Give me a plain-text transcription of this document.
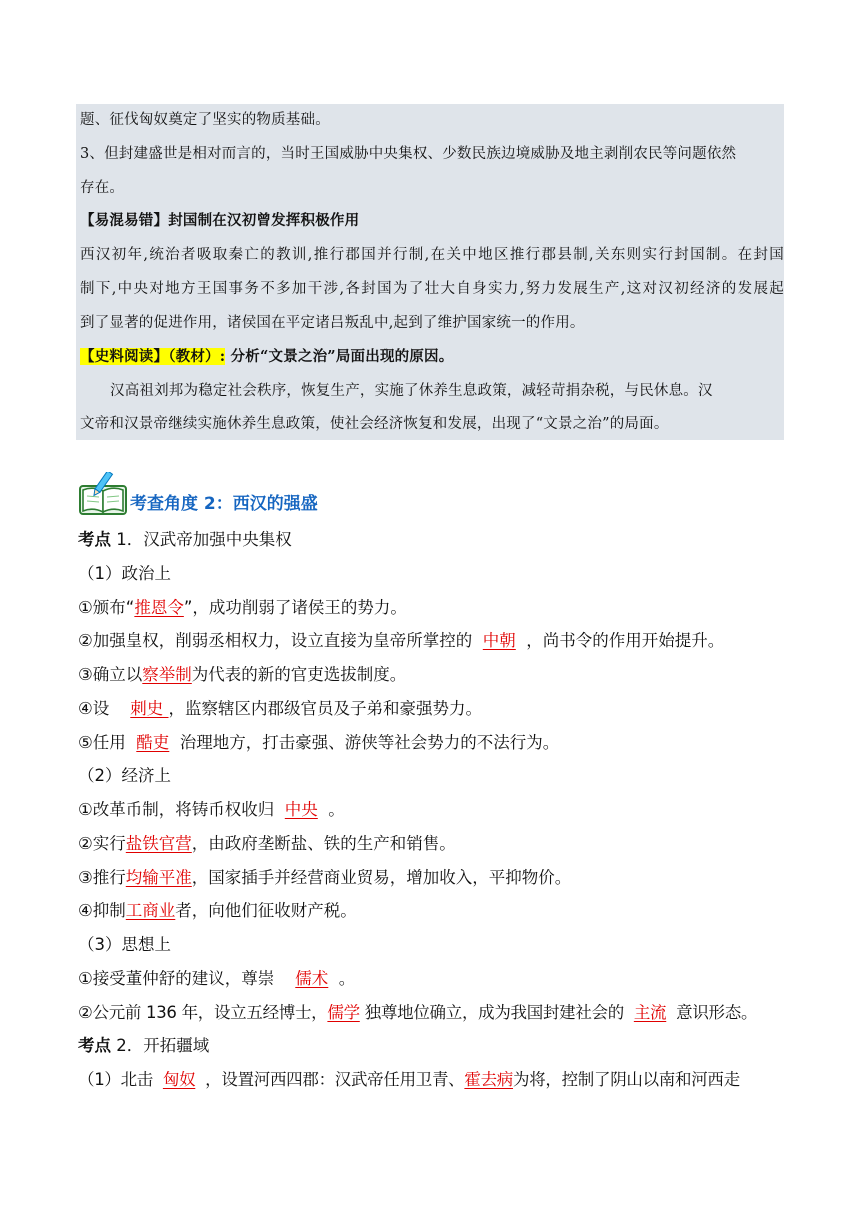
题、征伐匈奴奠定了坚实的物质基础。
3、但封建盛世是相对而言的，当时王国威胁中央集权、少数民族边境威胁及地主剥削农民等问题依然
存在。
【易混易错】封国制在汉初曾发挥积极作用
西汉初年,统治者吸取秦亡的教训,推行郡国并行制,在关中地区推行郡县制,关东则实行封国制。在封国
制下,中央对地方王国事务不多加干涉,各封国为了壮大自身实力,努力发展生产,这对汉初经济的发展起
到了显著的促进作用，诸侯国在平定诸吕叛乱中,起到了维护国家统一的作用。
【史料阅读】（教材）: 分析“文景之治”局面出现的原因。
汉高祖刘邦为稳定社会秩序，恢复生产，实施了休养生息政策，减轻苛捐杂税，与民休息。汉
文帝和汉景帝继续实施休养生息政策，使社会经济恢复和发展，出现了“文景之治”的局面。
考查角度 2：西汉的强盛
考点 1．汉武帝加强中央集权
（1）政治上
①颁布“推恩令”，成功削弱了诸侯王的势力。
②加强皇权，削弱丞相权力，设立直接为皇帝所掌控的  中朝  ，尚书令的作用开始提升。
③确立以察举制为代表的新的官吏选拔制度。
④设    刺史 ，监察辖区内郡级官员及子弟和豪强势力。
⑤任用  酷吏  治理地方，打击豪强、游侠等社会势力的不法行为。
（2）经济上
①改革币制，将铸币权收归  中央  。
②实行盐铁官营，由政府垄断盐、铁的生产和销售。
③推行均输平准，国家插手并经营商业贸易，增加收入，平抑物价。
④抑制工商业者，向他们征收财产税。
（3）思想上
①接受董仲舒的建议，尊崇    儒术  。
②公元前 136 年，设立五经博士，儒学 独尊地位确立，成为我国封建社会的  主流  意识形态。
考点 2．开拓疆域
（1）北击  匈奴  ，设置河西四郡：汉武帝任用卫青、霍去病为将，控制了阴山以南和河西走
